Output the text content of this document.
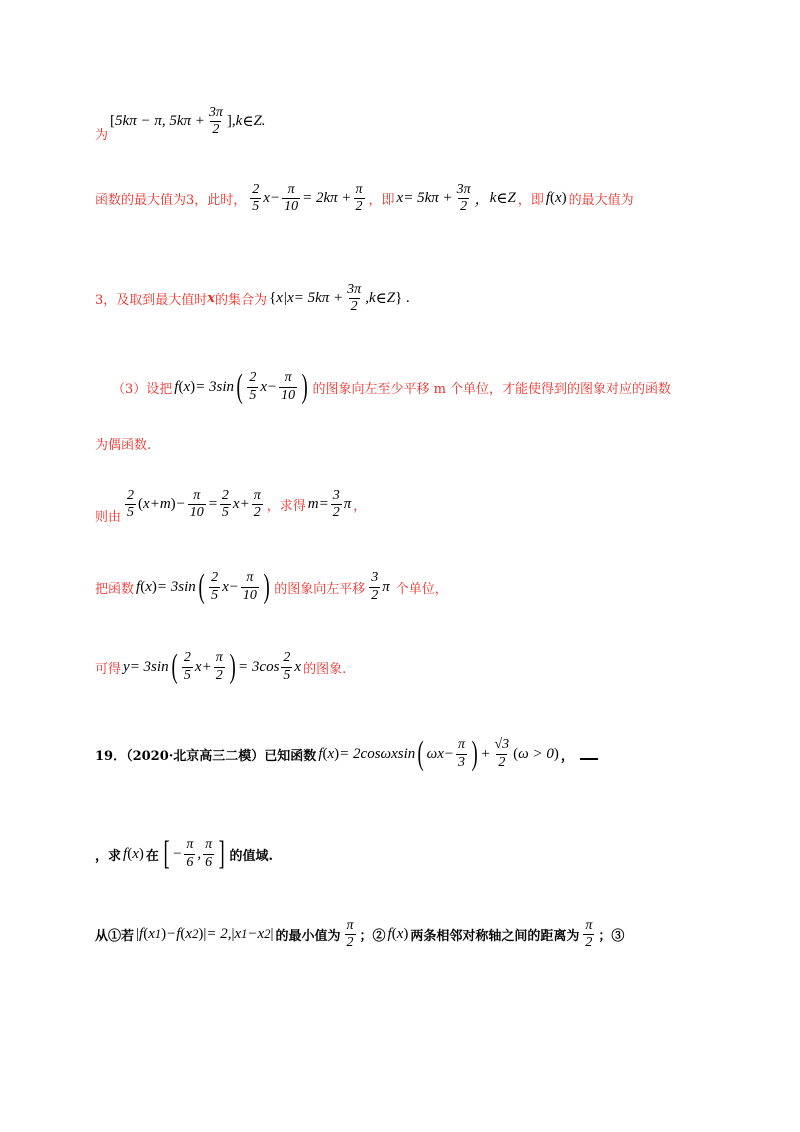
为
[ 5 k π − π, 5 k $\pi + \frac{3\pi}{2}$ ], k ∈ Z .
函数的最大值为3，此时， $\frac{2}{5}$ $x - \frac{\pi}{10} = 2$ k $\pi + \frac{\pi}{2}$ ，即 x = 5 k $\pi + \frac{3\pi}{2}$ ， k ∈ Z ，即 f ( x ) 的最大值为
3，及取到最大值时 x 的集合为 { x | x = 5 k $\pi + \frac{3\pi}{2}$ , k ∈ Z } .
（3）设把 f ( x ) = 3sin ( $\frac{2}{5}$ $x - \frac{\pi}{10}$ ) 的图象向左至少平移 m 个单位，才能使得到的图象对应的函数
为偶函数.
则由 $\frac{2}{5}$ ( x + m ) − $\frac{\pi}{10} = \frac{2}{5}$ $x + \frac{\pi}{2}$ ，求得 $m = \frac{3}{2}$ π ，
把函数 f ( x ) = 3sin ( $\frac{2}{5}$ $x - \frac{\pi}{10}$ ) 的图象向左平移 $\frac{3}{2}$ π 个单位，
可得 y = 3sin ( $\frac{2}{5}$ $x + \frac{\pi}{2}$ ) = $3\cos \frac{2}{5}$ x 的图象.
19．（2020·北京高三二模）已知函数 f ( x ) = 2 cos ω xsin ( ω $x - \frac{\pi}{3}$ ) + $\frac{√3}{2}$ ( ω > 0 ) ，
，求 f ( x ) 在 [ − $\frac{\pi}{6}$ , $\frac{\pi}{6}$ ] 的值域.
从①若 | f ( x 1 ) − f ( x 2 ) | = 2, | x 1 − x 2 | 的最小值为 $\frac{\pi}{2}$ ；② f ( x ) 两条相邻对称轴之间的距离为 $\frac{\pi}{2}$ ；③
